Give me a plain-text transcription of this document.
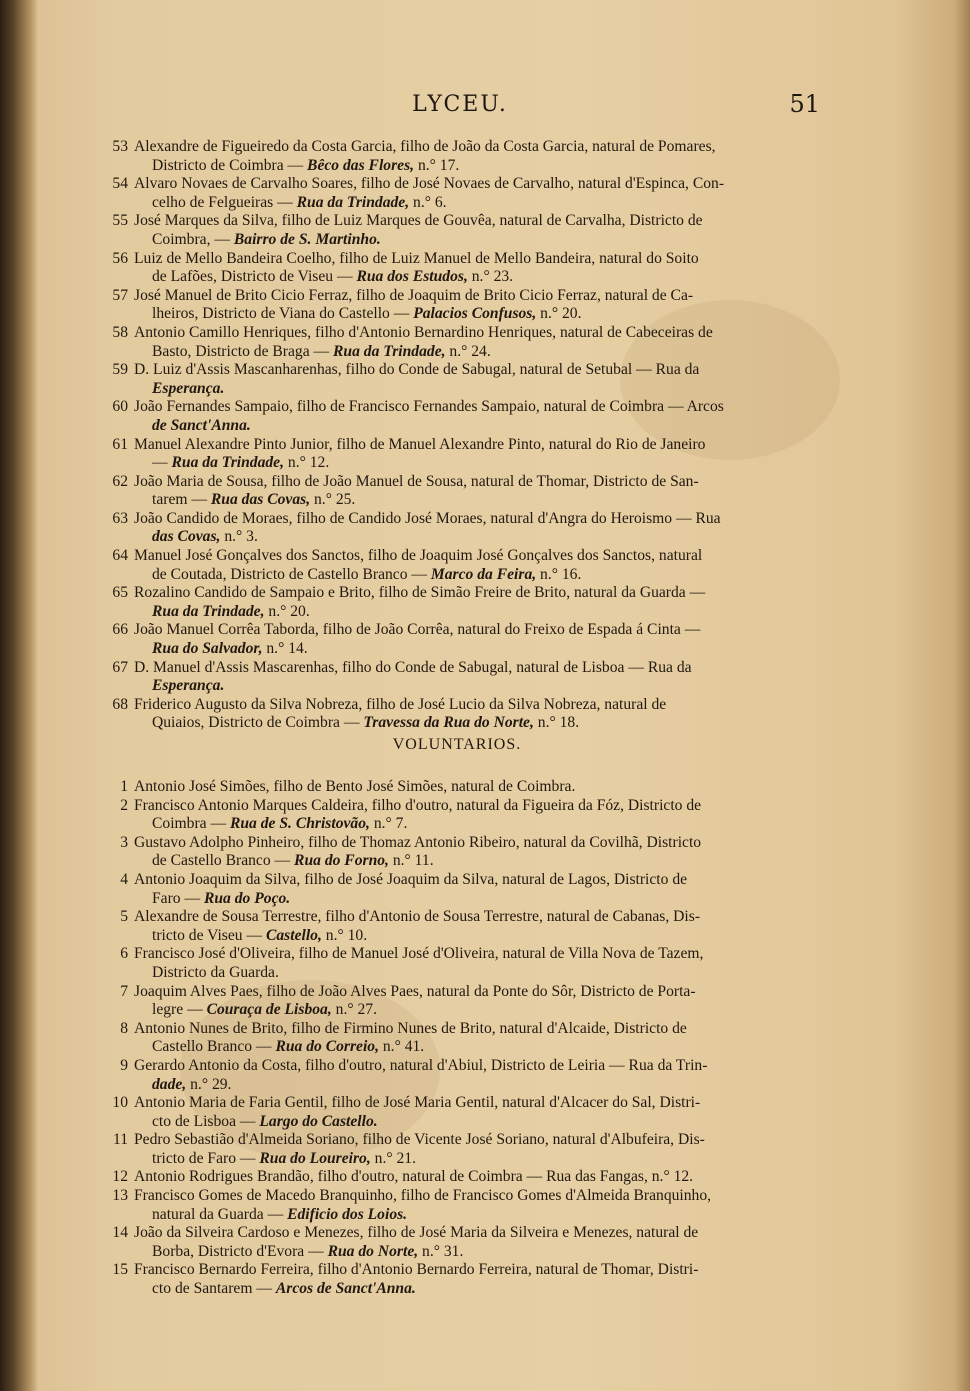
LYCEU.	51
53 Alexandre de Figueiredo da Costa Garcia, filho de João da Costa Garcia, natural de Pomares,
Districto de Coimbra — Bêco das Flores, n.° 17.
54 Alvaro Novaes de Carvalho Soares, filho de José Novaes de Carvalho, natural d'Espinca, Con-
celho de Felgueiras — Rua da Trindade, n.° 6.
55 José Marques da Silva, filho de Luiz Marques de Gouvêa, natural de Carvalha, Districto de
Coimbra, — Bairro de S. Martinho.
56 Luiz de Mello Bandeira Coelho, filho de Luiz Manuel de Mello Bandeira, natural do Soito
de Lafões, Districto de Viseu — Rua dos Estudos, n.° 23.
57 José Manuel de Brito Cicio Ferraz, filho de Joaquim de Brito Cicio Ferraz, natural de Ca-
lheiros, Districto de Viana do Castello — Palacios Confusos, n.° 20.
58 Antonio Camillo Henriques, filho d'Antonio Bernardino Henriques, natural de Cabeceiras de
Basto, Districto de Braga — Rua da Trindade, n.° 24.
59 D. Luiz d'Assis Mascanharenhas, filho do Conde de Sabugal, natural de Setubal — Rua da
Esperança.
60 João Fernandes Sampaio, filho de Francisco Fernandes Sampaio, natural de Coimbra — Arcos
de Sanct'Anna.
61 Manuel Alexandre Pinto Junior, filho de Manuel Alexandre Pinto, natural do Rio de Janeiro
— Rua da Trindade, n.° 12.
62 João Maria de Sousa, filho de João Manuel de Sousa, natural de Thomar, Districto de San-
tarem — Rua das Covas, n.° 25.
63 João Candido de Moraes, filho de Candido José Moraes, natural d'Angra do Heroismo — Rua
das Covas, n.° 3.
64 Manuel José Gonçalves dos Sanctos, filho de Joaquim José Gonçalves dos Sanctos, natural
de Coutada, Districto de Castello Branco — Marco da Feira, n.° 16.
65 Rozalino Candido de Sampaio e Brito, filho de Simão Freire de Brito, natural da Guarda —
Rua da Trindade, n.° 20.
66 João Manuel Corrêa Taborda, filho de João Corrêa, natural do Freixo de Espada á Cinta —
Rua do Salvador, n.° 14.
67 D. Manuel d'Assis Mascarenhas, filho do Conde de Sabugal, natural de Lisboa — Rua da
Esperança.
68 Friderico Augusto da Silva Nobreza, filho de José Lucio da Silva Nobreza, natural de
Quiaios, Districto de Coimbra — Travessa da Rua do Norte, n.° 18.
VOLUNTARIOS.
1 Antonio José Simões, filho de Bento José Simões, natural de Coimbra.
2 Francisco Antonio Marques Caldeira, filho d'outro, natural da Figueira da Fóz, Districto de
Coimbra — Rua de S. Christovão, n.° 7.
3 Gustavo Adolpho Pinheiro, filho de Thomaz Antonio Ribeiro, natural da Covilhã, Districto
de Castello Branco — Rua do Forno, n.° 11.
4 Antonio Joaquim da Silva, filho de José Joaquim da Silva, natural de Lagos, Districto de
Faro — Rua do Poço.
5 Alexandre de Sousa Terrestre, filho d'Antonio de Sousa Terrestre, natural de Cabanas, Dis-
tricto de Viseu — Castello, n.° 10.
6 Francisco José d'Oliveira, filho de Manuel José d'Oliveira, natural de Villa Nova de Tazem,
Districto da Guarda.
7 Joaquim Alves Paes, filho de João Alves Paes, natural da Ponte do Sôr, Districto de Porta-
legre — Couraça de Lisboa, n.° 27.
8 Antonio Nunes de Brito, filho de Firmino Nunes de Brito, natural d'Alcaide, Districto de
Castello Branco — Rua do Correio, n.° 41.
9 Gerardo Antonio da Costa, filho d'outro, natural d'Abiul, Districto de Leiria — Rua da Trin-
dade, n.° 29.
10 Antonio Maria de Faria Gentil, filho de José Maria Gentil, natural d'Alcacer do Sal, Distri-
cto de Lisboa — Largo do Castello.
11 Pedro Sebastião d'Almeida Soriano, filho de Vicente José Soriano, natural d'Albufeira, Dis-
tricto de Faro — Rua do Loureiro, n.° 21.
12 Antonio Rodrigues Brandão, filho d'outro, natural de Coimbra — Rua das Fangas, n.° 12.
13 Francisco Gomes de Macedo Branquinho, filho de Francisco Gomes d'Almeida Branquinho,
natural da Guarda — Edificio dos Loios.
14 João da Silveira Cardoso e Menezes, filho de José Maria da Silveira e Menezes, natural de
Borba, Districto d'Evora — Rua do Norte, n.° 31.
15 Francisco Bernardo Ferreira, filho d'Antonio Bernardo Ferreira, natural de Thomar, Distri-
cto de Santarem — Arcos de Sanct'Anna.
